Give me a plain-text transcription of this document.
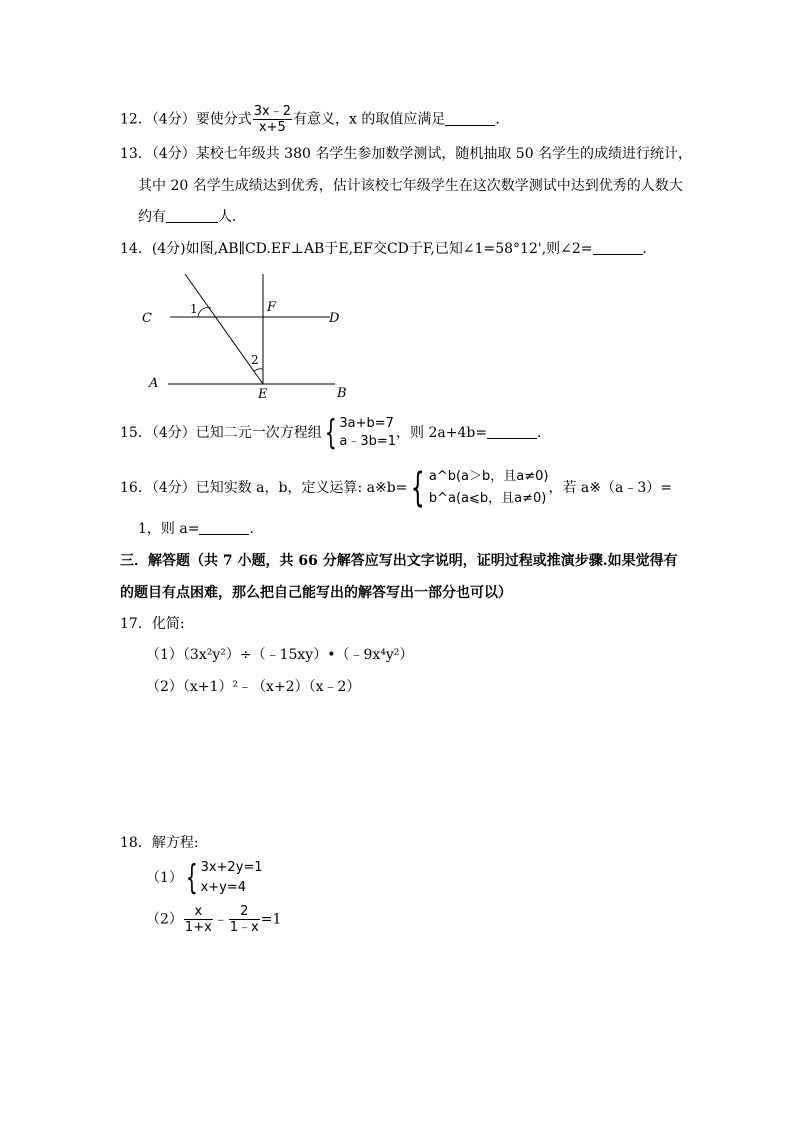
12．（4分）要使分式 $\frac{3x﹣2}{x+5}$ 有意义，x 的取值应满足	．
13．（4分）某校七年级共 380 名学生参加数学测试，随机抽取 50 名学生的成绩进行统计，
其中 20 名学生成绩达到优秀，估计该校七年级学生在这次数学测试中达到优秀的人数大
约有	人．
14．(4分)如图,AB∥CD.EF⊥AB于E,EF交CD于F,已知∠1=58°12',则∠2=	．
C	D
A
B
E
F
1
2
15．（4分）已知二元一次方程组 { 3a+b=7
a﹣3b=1
，则 2a+4b=	．
16．（4分）已知实数 a，b，定义运算: a※b= { a^b(a＞b，且a≠0)
b^a(a⩽b，且a≠0)
，若 a※（a﹣3）=
1，则 a=	．
三．解答题（共 7 小题，共 66 分解答应写出文字说明，证明过程或推演步骤.如果觉得有
的题目有点困难，那么把自己能写出的解答写出一部分也可以）
17．化简:
（1）（3x²y²）÷（﹣15xy）•（﹣9x⁴y²）
（2）（x+1）²﹣（x+2）（x﹣2）
18．解方程:
（1） { 3x+2y=1
x+y=4
$(2) \frac{x}{1+x}$ ﹣ $\frac{2}{1﹣x} =1$
